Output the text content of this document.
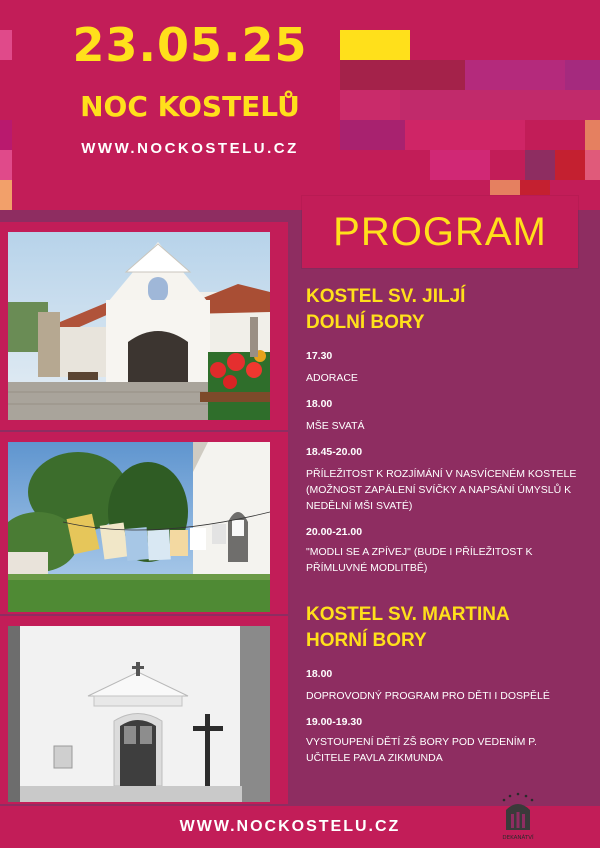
23.05.25
NOC KOSTELŮ
WWW.NOCKOSTELU.CZ
PROGRAM

KOSTEL SV. JILJÍ DOLNÍ BORY

17.30
ADORACE
18.00
MŠE SVATÁ
18.45-20.00
PŘÍLEŽITOST K ROZJÍMÁNÍ V NASVÍCENÉM KOSTELE (MOŽNOST ZAPÁLENÍ SVÍČKY A NAPSÁNÍ ÚMYSLŮ K NEDĚLNÍ MŠI SVATÉ)
20.00-21.00
"MODLI SE A ZPÍVEJ" (BUDE I PŘÍLEŽITOST K PŘÍMLUVNÉ MODLITBĚ)

KOSTEL SV. MARTINA HORNÍ BORY

18.00
DOPROVODNÝ PROGRAM PRO DĚTI I DOSPĚLÉ
19.00-19.30
VYSTOUPENÍ DĚTÍ ZŠ BORY POD VEDENÍM P. UČITELE PAVLA ZIKMUNDA
WWW.NOCKOSTELU.CZ
DEKANÁTVÍ
